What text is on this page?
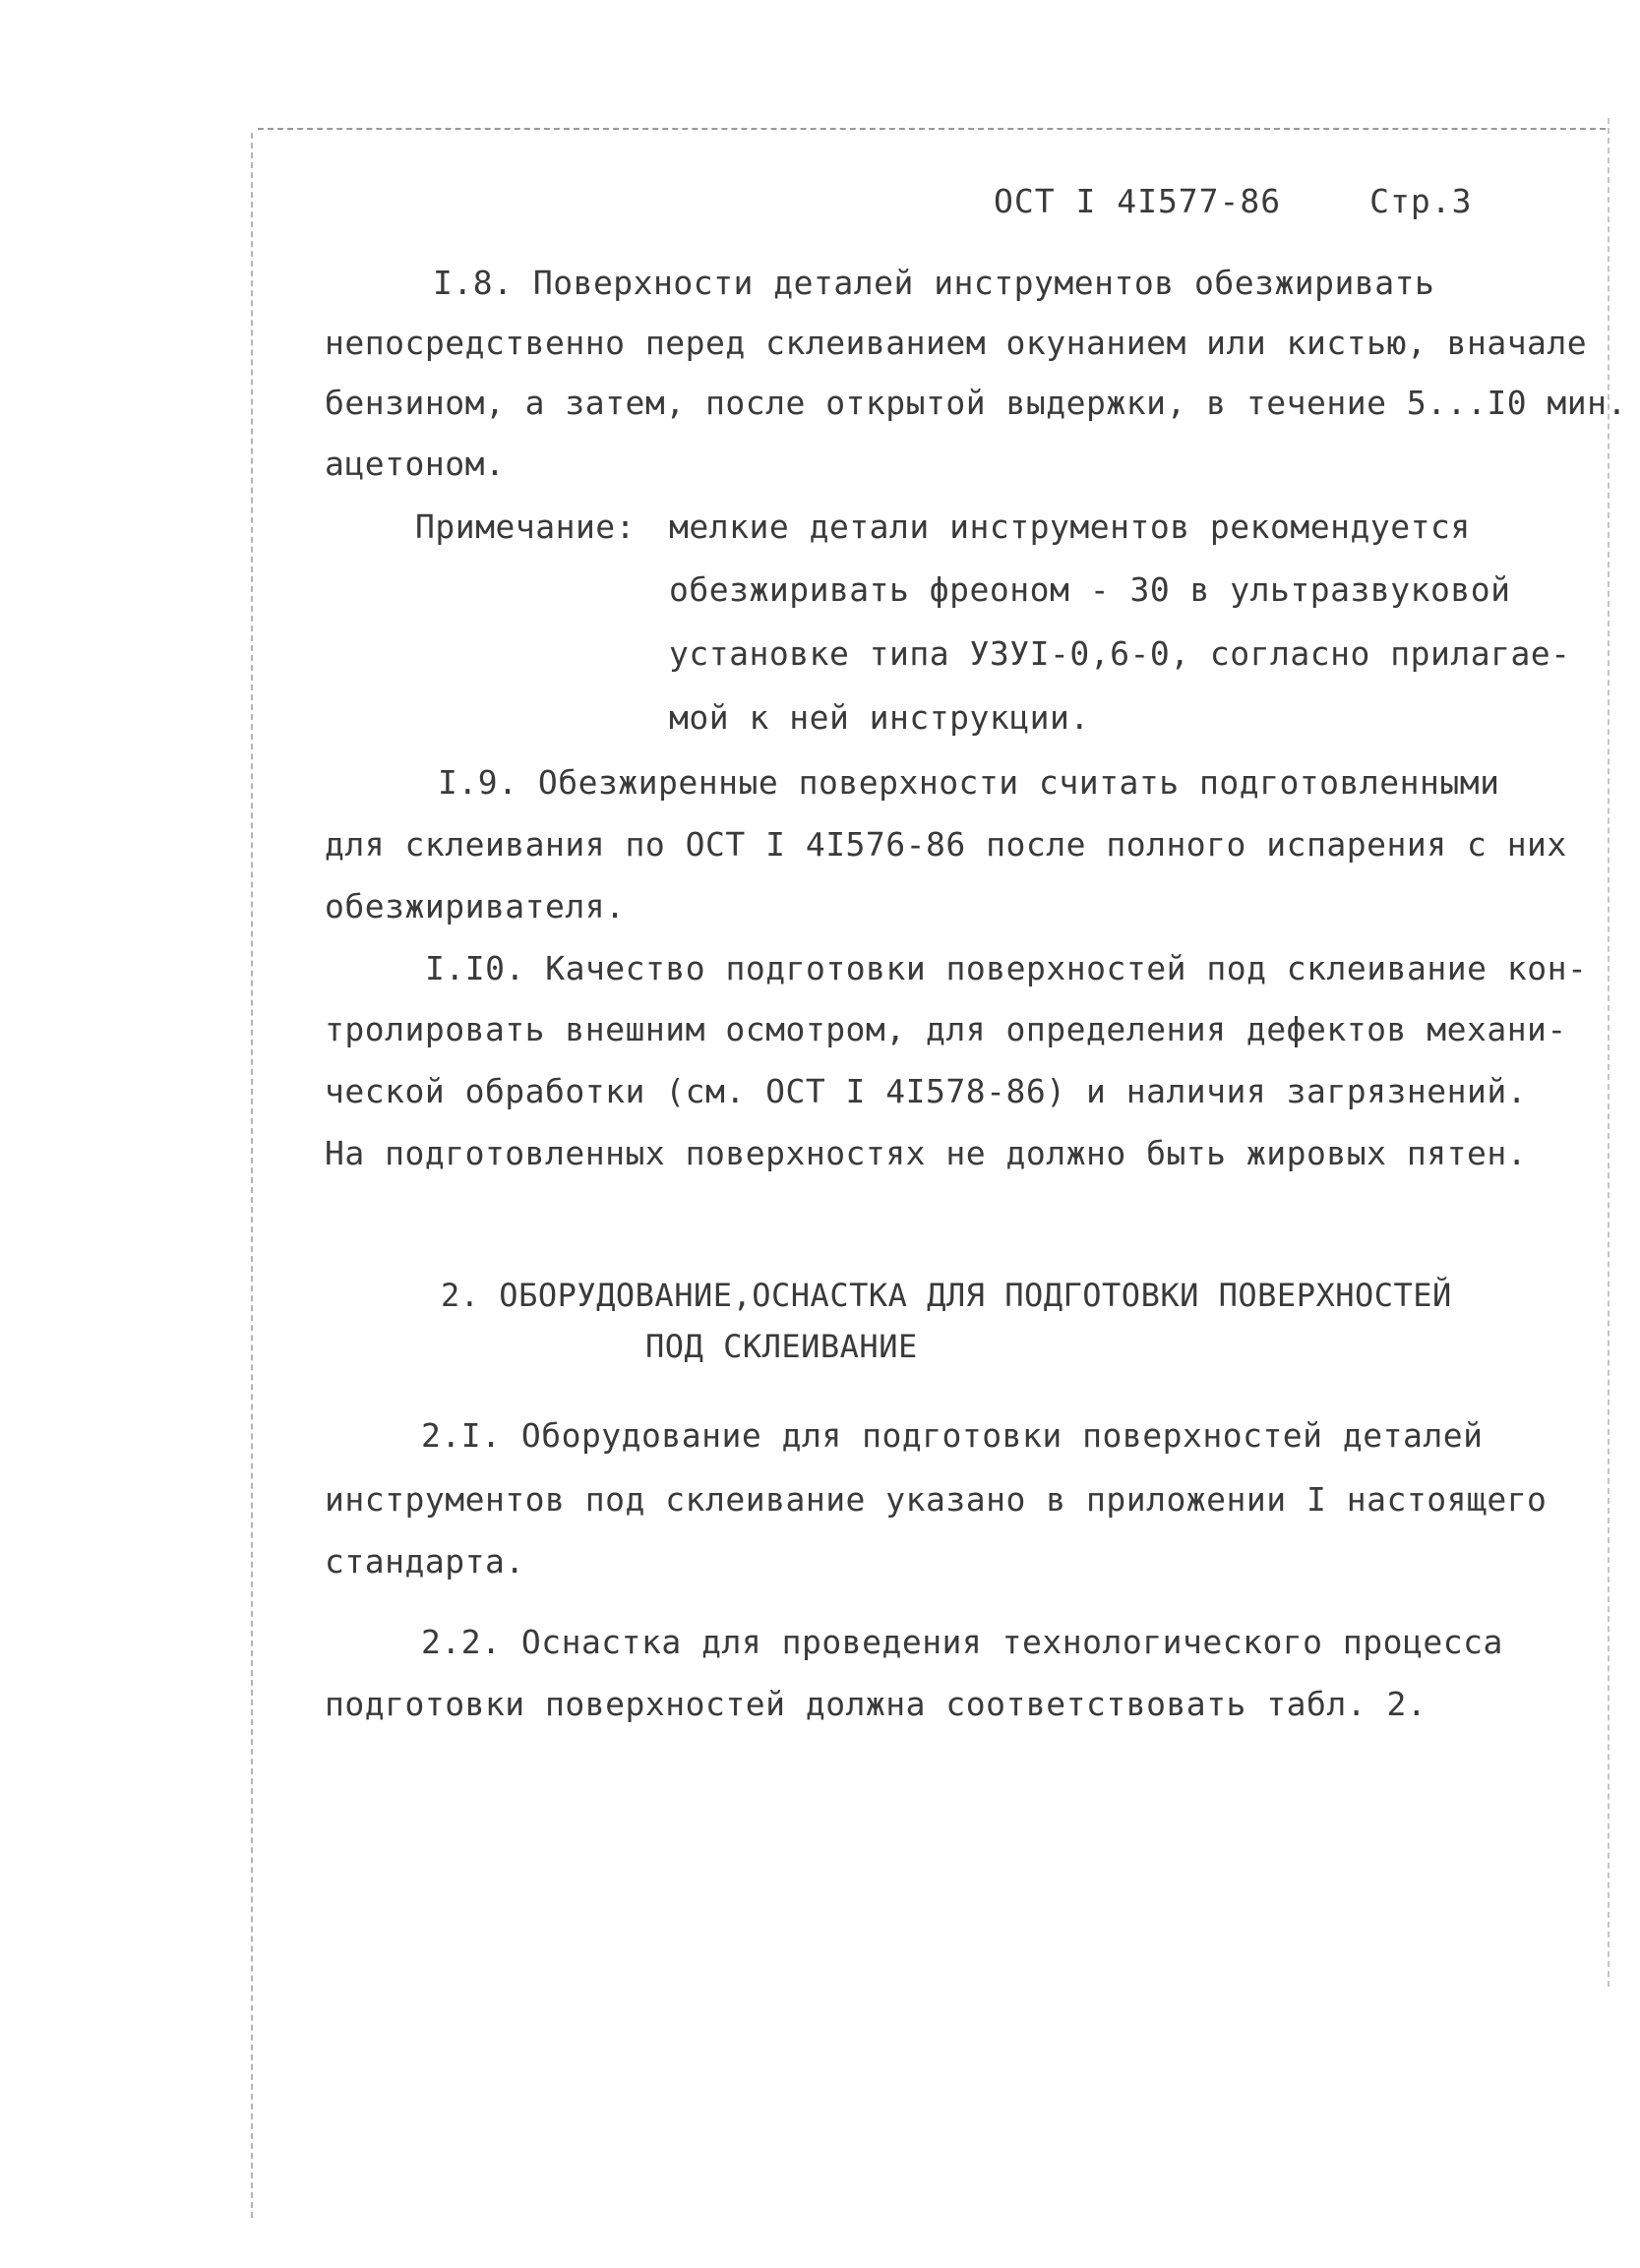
ОСТ I 4I577-86	Стр.3
I.8. Поверхности деталей инструментов обезжиривать
непосредственно перед склеиванием окунанием или кистью, вначале
бензином, а затем, после открытой выдержки, в течение 5...I0 мин.
ацетоном.
Примечание: мелкие детали инструментов рекомендуется
обезжиривать фреоном - 30 в ультразвуковой
установке типа УЗУI-0,6-0, согласно прилагае-
мой к ней инструкции.
I.9. Обезжиренные поверхности считать подготовленными
для склеивания по ОСТ I 4I576-86 после полного испарения с них
обезжиривателя.
I.I0. Качество подготовки поверхностей под склеивание кон-
тролировать внешним осмотром, для определения дефектов механи-
ческой обработки (см. ОСТ I 4I578-86) и наличия загрязнений.
На подготовленных поверхностях не должно быть жировых пятен.
2. ОБОРУДОВАНИЕ,ОСНАСТКА ДЛЯ ПОДГОТОВКИ ПОВЕРХНОСТЕЙ
ПОД СКЛЕИВАНИЕ
2.I. Оборудование для подготовки поверхностей деталей
инструментов под склеивание указано в приложении I настоящего
стандарта.
2.2. Оснастка для проведения технологического процесса
подготовки поверхностей должна соответствовать табл. 2.
